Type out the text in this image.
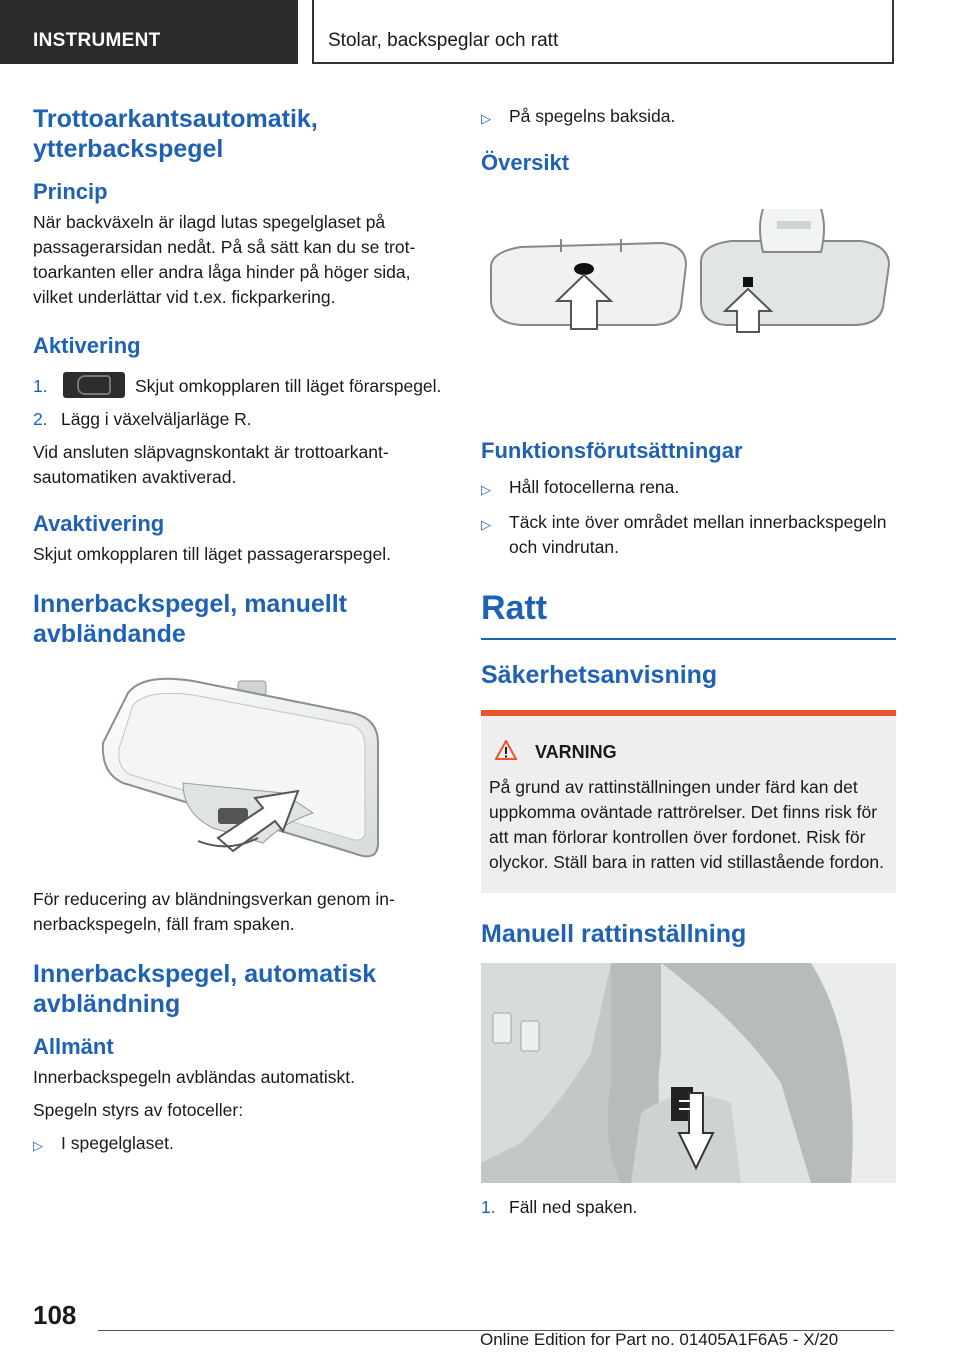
INSTRUMENT	Stolar, backspeglar och ratt
Trottoarkantsautomatik, ytterbackspegel
Princip
När backväxeln är ilagd lutas spegelglaset på passagerarsidan nedåt. På så sätt kan du se trottoarkanten eller andra låga hinder på höger sida, vilket underlättar vid t.ex. fickparkering.
Aktivering
1.	Skjut omkopplaren till läget förarspegel.
2. Lägg i växelväljarläge R.
Vid ansluten släpvagnskontakt är trottoarkantsautomatiken avaktiverad.
Avaktivering
Skjut omkopplaren till läget passagerarspegel.
Innerbackspegel, manuellt avbländande
För reducering av bländningsverkan genom innerbackspegeln, fäll fram spaken.
Innerbackspegel, automatisk avbländning
Allmänt
Innerbackspegeln avbländas automatiskt.
Spegeln styrs av fotoceller:
▷	I spegelglaset.
▷	På spegelns baksida.
Översikt
Funktionsförutsättningar
▷	Håll fotocellerna rena.
▷	Täck inte över området mellan innerbackspegeln och vindrutan.
Ratt
Säkerhetsanvisning
VARNING
På grund av rattinställningen under färd kan det uppkomma oväntade rattrörelser. Det finns risk för att man förlorar kontrollen över fordonet. Risk för olyckor. Ställ bara in ratten vid stillastående fordon.
Manuell rattinställning
1. Fäll ned spaken.
108
Online Edition for Part no. 01405A1F6A5 - X/20
